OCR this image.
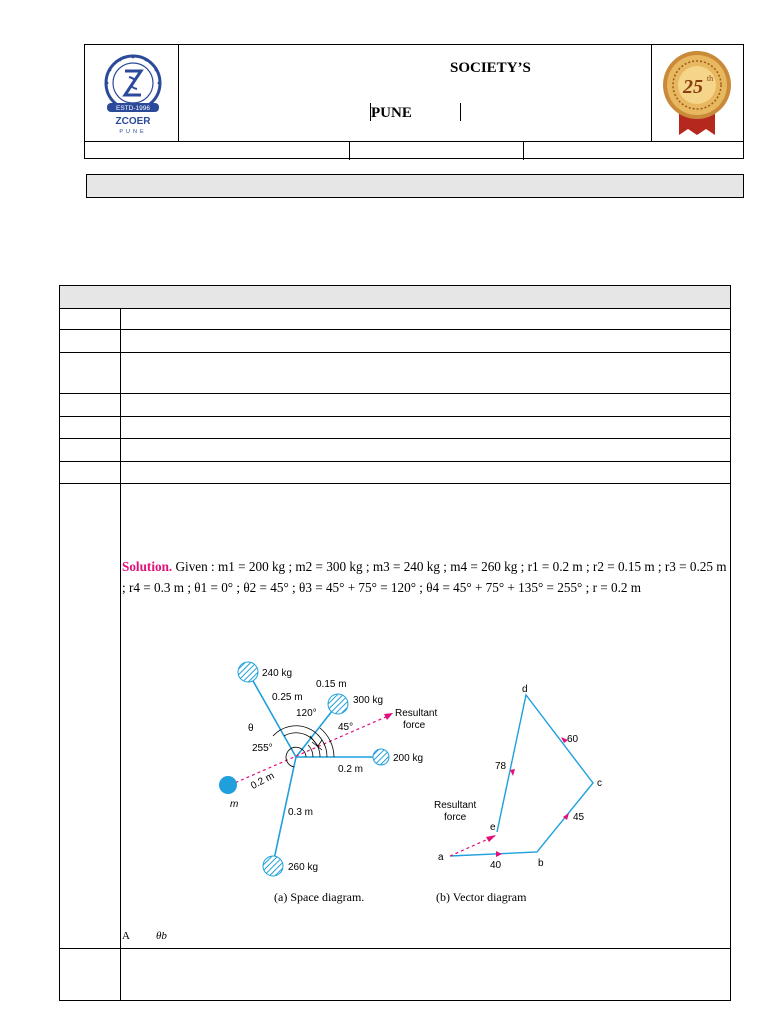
ESTD-1996
ZCOER
PUNE
SOCIETY’S
PUNE
25 th
Solution. Given : m1 = 200 kg ; m2 = 300 kg ; m3 = 240 kg ; m4 = 260 kg ; r1 = 0.2 m ; r2 = 0.15 m ; r3 = 0.25 m ; r4 = 0.3 m ; θ1 = 0° ; θ2 = 45° ; θ3 = 45° + 75° = 120° ; θ4 = 45° + 75° + 135° = 255° ; r = 0.2 m
240 kg
0.15 m
300 kg
0.25 m
120°
45°
θ
255°
Resultant
force
200 kg
0.2 m
0.2 m
m
0.3 m
260 kg
a
b
c
d
e
40
45
60
78
Resultant
force
(a) Space diagram.	(b) Vector diagram
A θb
